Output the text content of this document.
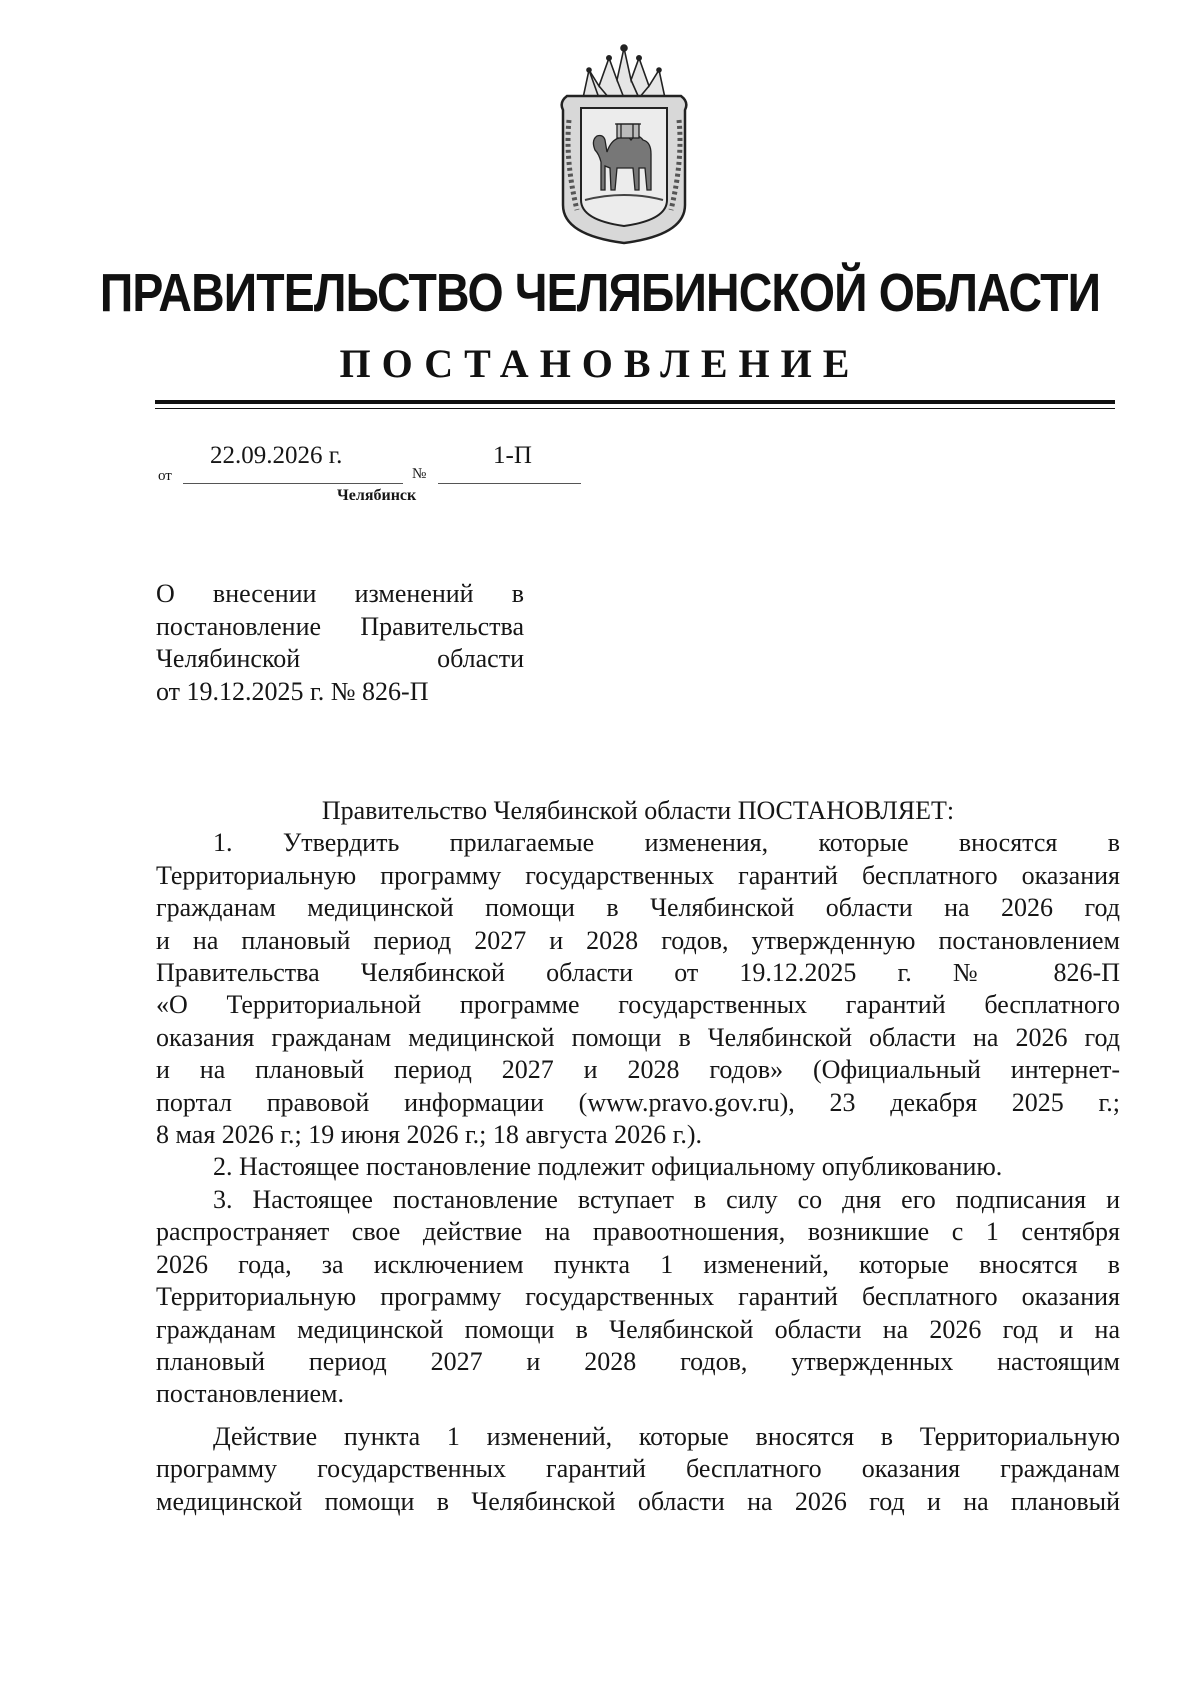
ПРАВИТЕЛЬСТВО ЧЕЛЯБИНСКОЙ ОБЛАСТИ
ПОСТАНОВЛЕНИЕ
от
22.09.2026 г.
№
1-П
Челябинск
О внесении изменений в
постановление Правительства
Челябинской области
от 19.12.2025 г. № 826-П
Правительство Челябинской области ПОСТАНОВЛЯЕТ:
1. Утвердить прилагаемые изменения, которые вносятся в
Территориальную программу государственных гарантий бесплатного оказания
гражданам медицинской помощи в Челябинской области на 2026 год
и на плановый период 2027 и 2028 годов, утвержденную постановлением
Правительства Челябинской области от 19.12.2025 г. № 826-П
«О Территориальной программе государственных гарантий бесплатного
оказания гражданам медицинской помощи в Челябинской области на 2026 год
и на плановый период 2027 и 2028 годов» (Официальный интернет-
портал правовой информации (www.pravo.gov.ru), 23 декабря 2025 г.;
8 мая 2026 г.; 19 июня 2026 г.; 18 августа 2026 г.).
2. Настоящее постановление подлежит официальному опубликованию.
3. Настоящее постановление вступает в силу со дня его подписания и
распространяет свое действие на правоотношения, возникшие с 1 сентября
2026 года, за исключением пункта 1 изменений, которые вносятся в
Территориальную программу государственных гарантий бесплатного оказания
гражданам медицинской помощи в Челябинской области на 2026 год и на
плановый период 2027 и 2028 годов, утвержденных настоящим
постановлением.
Действие пункта 1 изменений, которые вносятся в Территориальную
программу государственных гарантий бесплатного оказания гражданам
медицинской помощи в Челябинской области на 2026 год и на плановый
